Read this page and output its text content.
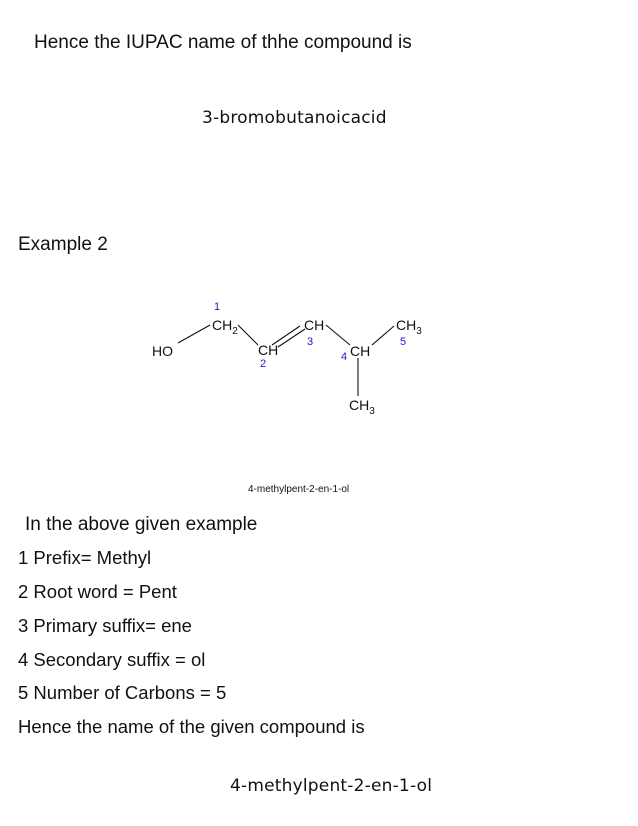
Hence the IUPAC name of thhe compound is
3-bromobutanoicacid
Example 2
HO
$CH_2$
CH
CH
CH
$CH_3$
$CH_3$
1
2
3
4
5
4-methylpent-2-en-1-ol
In the above given example
1 Prefix= Methyl
2 Root word = Pent
3 Primary suffix= ene
4 Secondary suffix = ol
5 Number of Carbons = 5
Hence the name of the given compound is
4-methylpent-2-en-1-ol
